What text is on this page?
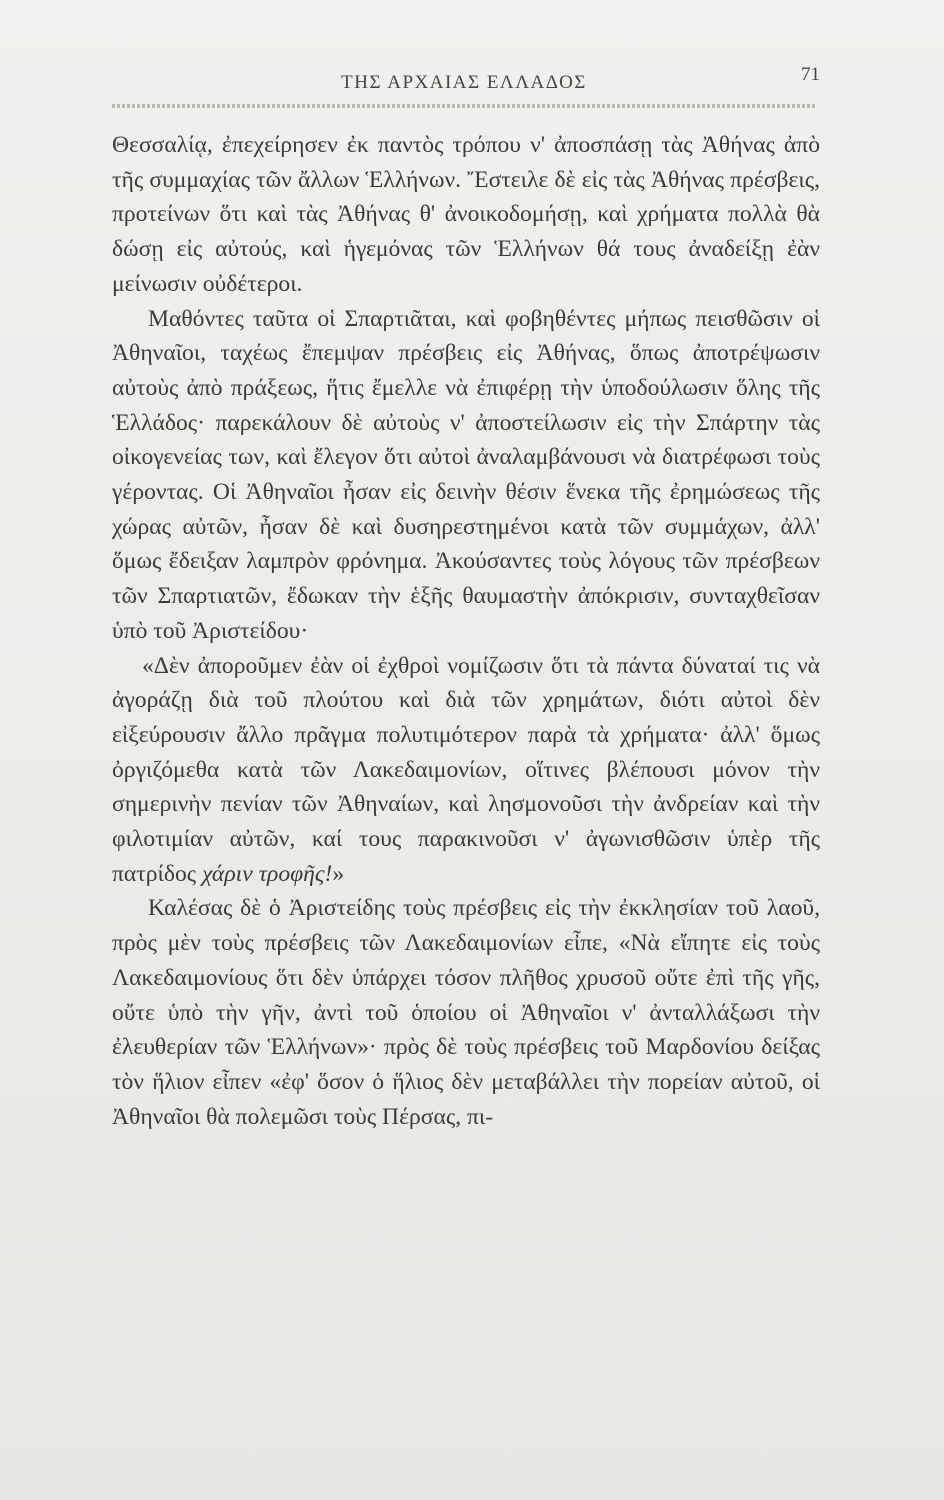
ΤΗΣ ΑΡΧΑΙΑΣ ΕΛΛΑΔΟΣ	71

Θεσσαλίᾳ, ἐπεχείρησεν ἐκ παντὸς τρόπου ν' ἀποσπάσῃ τὰς Ἀθήνας ἀπὸ τῆς συμμαχίας τῶν ἄλλων Ἑλλήνων. Ἔστειλε δὲ εἰς τὰς Ἀθήνας πρέσβεις, προτείνων ὅτι καὶ τὰς Ἀθήνας θ' ἀνοικοδομήσῃ, καὶ χρήματα πολλὰ θὰ δώσῃ εἰς αὐτούς, καὶ ἡγεμόνας τῶν Ἑλλήνων θά τους ἀναδείξῃ ἐὰν μείνωσιν οὐδέτεροι.

Μαθόντες ταῦτα οἱ Σπαρτιᾶται, καὶ φοβηθέντες μήπως πεισθῶσιν οἱ Ἀθηναῖοι, ταχέως ἔπεμψαν πρέσβεις εἰς Ἀθήνας, ὅπως ἀποτρέψωσιν αὐτοὺς ἀπὸ πράξεως, ἥτις ἔμελλε νὰ ἐπιφέρῃ τὴν ὑποδούλωσιν ὅλης τῆς Ἑλλάδος· παρεκάλουν δὲ αὐτοὺς ν' ἀποστείλωσιν εἰς τὴν Σπάρτην τὰς οἰκογενείας των, καὶ ἔλεγον ὅτι αὐτοὶ ἀναλαμβάνουσι νὰ διατρέφωσι τοὺς γέροντας. Οἱ Ἀθηναῖοι ἦσαν εἰς δεινὴν θέσιν ἕνεκα τῆς ἐρημώσεως τῆς χώρας αὐτῶν, ἦσαν δὲ καὶ δυσηρεστημένοι κατὰ τῶν συμμάχων, ἀλλ' ὅμως ἔδειξαν λαμπρὸν φρόνημα. Ἀκούσαντες τοὺς λόγους τῶν πρέσβεων τῶν Σπαρτιατῶν, ἔδωκαν τὴν ἑξῆς θαυμαστὴν ἀπόκρισιν, συνταχθεῖσαν ὑπὸ τοῦ Ἀριστείδου·

«Δὲν ἀποροῦμεν ἐὰν οἱ ἐχθροὶ νομίζωσιν ὅτι τὰ πάντα δύναταί τις νὰ ἀγοράζῃ διὰ τοῦ πλούτου καὶ διὰ τῶν χρημάτων, διότι αὐτοὶ δὲν εἰξεύρουσιν ἄλλο πρᾶγμα πολυτιμότερον παρὰ τὰ χρήματα· ἀλλ' ὅμως ὀργιζόμεθα κατὰ τῶν Λακεδαιμονίων, οἵτινες βλέπουσι μόνον τὴν σημερινὴν πενίαν τῶν Ἀθηναίων, καὶ λησμονοῦσι τὴν ἀνδρείαν καὶ τὴν φιλοτιμίαν αὐτῶν, καί τους παρακινοῦσι ν' ἀγωνισθῶσιν ὑπὲρ τῆς πατρίδος χάριν τροφῆς!»

Καλέσας δὲ ὁ Ἀριστείδης τοὺς πρέσβεις εἰς τὴν ἐκκλησίαν τοῦ λαοῦ, πρὸς μὲν τοὺς πρέσβεις τῶν Λακεδαιμονίων εἶπε, «Νὰ εἴπητε εἰς τοὺς Λακεδαιμονίους ὅτι δὲν ὑπάρχει τόσον πλῆθος χρυσοῦ οὔτε ἐπὶ τῆς γῆς, οὔτε ὑπὸ τὴν γῆν, ἀντὶ τοῦ ὁποίου οἱ Ἀθηναῖοι ν' ἀνταλλάξωσι τὴν ἐλευθερίαν τῶν Ἑλλήνων»· πρὸς δὲ τοὺς πρέσβεις τοῦ Μαρδονίου δείξας τὸν ἥλιον εἶπεν «ἐφ' ὅσον ὁ ἥλιος δὲν μεταβάλλει τὴν πορείαν αὐτοῦ, οἱ Ἀθηναῖοι θὰ πολεμῶσι τοὺς Πέρσας, πι-
